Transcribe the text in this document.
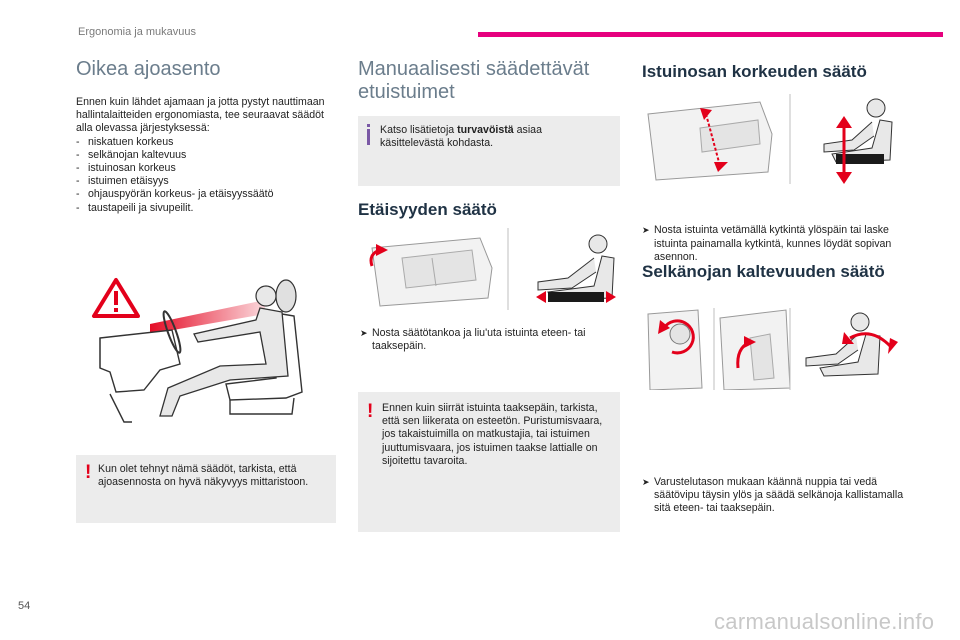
Ergonomia ja mukavuus
Oikea ajoasento
Ennen kuin lähdet ajamaan ja jotta pystyt nauttimaan hallintalaitteiden ergonomiasta, tee seuraavat säädöt alla olevassa järjestyksessä:
- niskatuen korkeus
- selkänojan kaltevuus
- istuinosan korkeus
- istuimen etäisyys
- ohjauspyörän korkeus- ja etäisyyssäätö
- taustapeili ja sivupeilit.
! Kun olet tehnyt nämä säädöt, tarkista, että ajoasennosta on hyvä näkyvyys mittaristoon.
Manuaalisesti säädettävät etuistuimet
Katso lisätietoja turvavöistä asiaa käsittelevästä kohdasta.
Etäisyyden säätö
➤ Nosta säätötankoa ja liu'uta istuinta eteen- tai taaksepäin.
! Ennen kuin siirrät istuinta taaksepäin, tarkista, että sen liikerata on esteetön. Puristumisvaara, jos takaistuimilla on matkustajia, tai istuimen juuttumisvaara, jos istuimen taakse lattialle on sijoitettu tavaroita.
Istuinosan korkeuden säätö
➤ Nosta istuinta vetämällä kytkintä ylöspäin tai laske istuinta painamalla kytkintä, kunnes löydät sopivan asennon.
Selkänojan kaltevuuden säätö
➤ Varustelutason mukaan käännä nuppia tai vedä säätövipu täysin ylös ja säädä selkänoja kallistamalla sitä eteen- tai taaksepäin.
54
carmanualsonline.info
